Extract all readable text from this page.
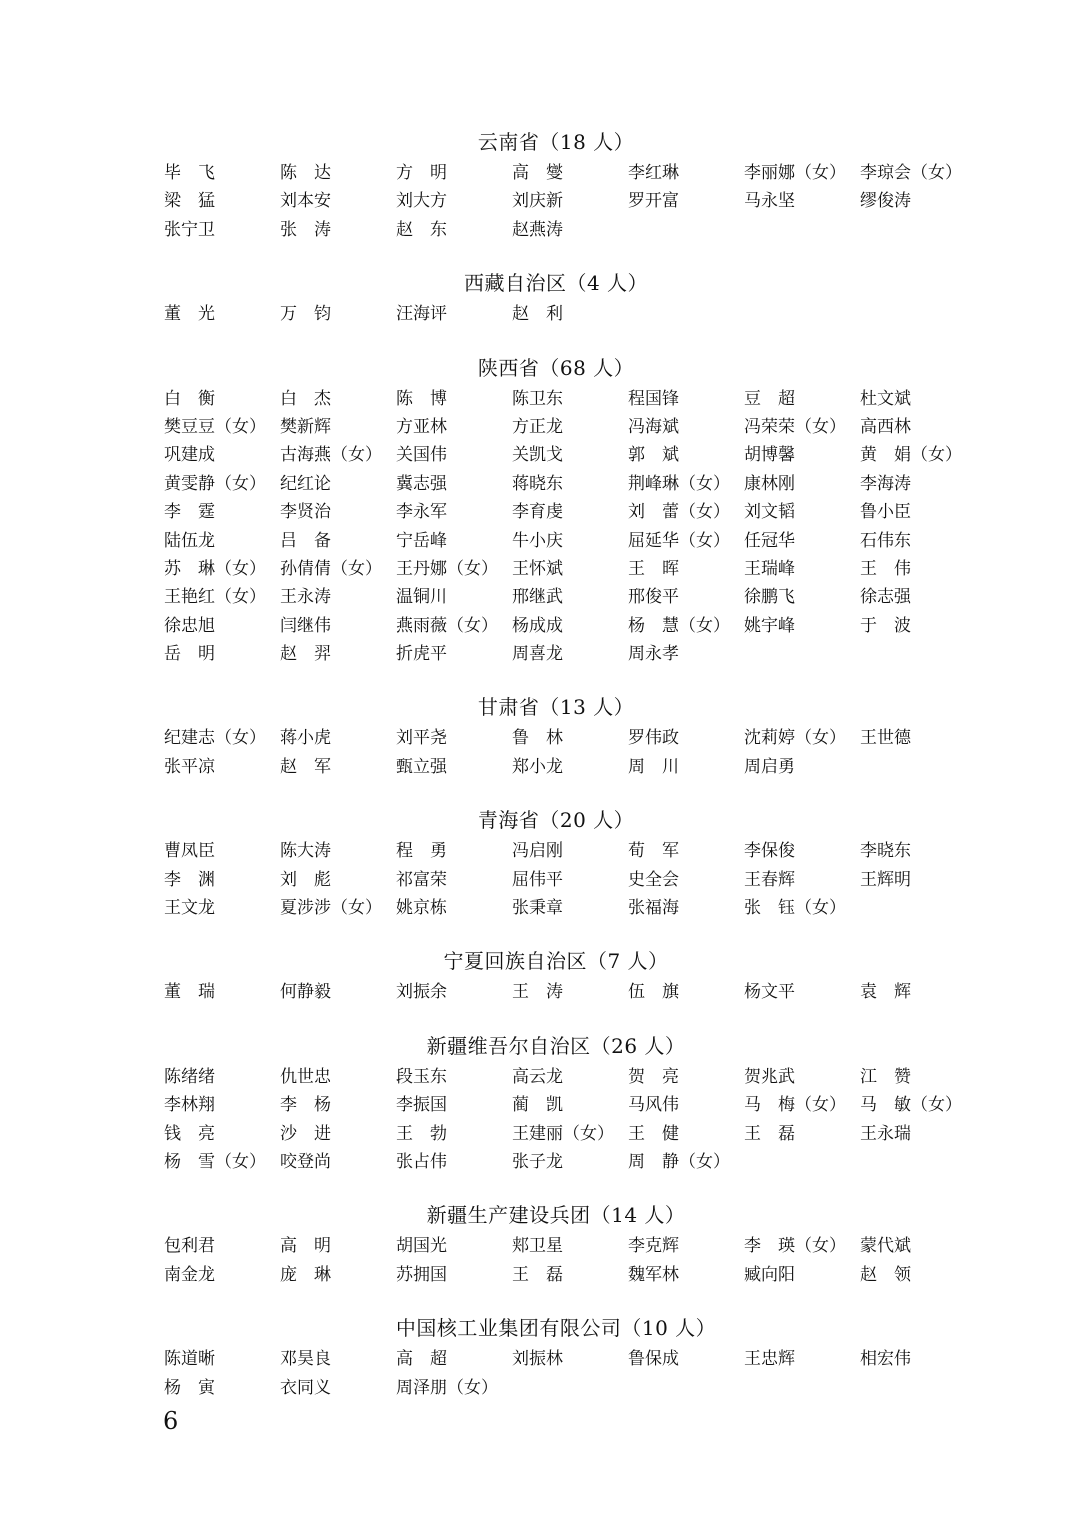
云南省（18 人）
毕　飞	陈　达	方　明	高　燮	李红琳	李丽娜（女） 李琼会（女）
梁　猛	刘本安	刘大方	刘庆新	罗开富	马永坚	缪俊涛
张宁卫	张　涛	赵　东	赵燕涛
西藏自治区（4 人）
董　光	万　钧	汪海评	赵　利
陕西省（68 人）
白　衡	白　杰	陈　博	陈卫东	程国锋	豆　超	杜文斌
樊豆豆（女） 樊新辉	方亚林	方正龙	冯海斌	冯荣荣（女） 高西林
巩建成	古海燕（女） 关国伟	关凯戈	郭　斌	胡博馨	黄　娟（女）
黄雯静（女） 纪红论	冀志强	蒋晓东	荆峰琳（女） 康林刚	李海涛
李　霆	李贤治	李永军	李育虔	刘　蕾（女） 刘文韬	鲁小臣
陆伍龙	吕　备	宁岳峰	牛小庆	屈延华（女） 任冠华	石伟东
苏　琳（女） 孙倩倩（女） 王丹娜（女） 王怀斌	王　晖	王瑞峰	王　伟
王艳红（女） 王永涛	温铜川	邢继武	邢俊平	徐鹏飞	徐志强
徐忠旭	闫继伟	燕雨薇（女） 杨成成	杨　慧（女） 姚宇峰	于　波
岳　明	赵　羿	折虎平	周喜龙	周永孝
甘肃省（13 人）
纪建志（女） 蒋小虎	刘平尧	鲁　林	罗伟政	沈莉婷（女） 王世德
张平凉	赵　军	甄立强	郑小龙	周　川	周启勇
青海省（20 人）
曹凤臣	陈大涛	程　勇	冯启刚	荀　军	李保俊	李晓东
李　渊	刘　彪	祁富荣	屈伟平	史全会	王春辉	王辉明
王文龙	夏涉涉（女） 姚京栋	张秉章	张福海	张　钰（女）
宁夏回族自治区（7 人）
董　瑞	何静毅	刘振余	王　涛	伍　旗	杨文平	袁　辉
新疆维吾尔自治区（26 人）
陈绪绪	仇世忠	段玉东	高云龙	贺　亮	贺兆武	江　赞
李林翔	李　杨	李振国	蔺　凯	马风伟	马　梅（女） 马　敏（女）
钱　亮	沙　进	王　勃	王建丽（女） 王　健	王　磊	王永瑞
杨　雪（女） 咬登尚	张占伟	张子龙	周　静（女）
新疆生产建设兵团（14 人）
包利君	高　明	胡国光	郏卫星	李克辉	李　瑛（女） 蒙代斌
南金龙	庞　琳	苏拥国	王　磊	魏军林	臧向阳	赵　领
中国核工业集团有限公司（10 人）
陈道晰	邓昊良	高　超	刘振林	鲁保成	王忠辉	相宏伟
杨　寅	衣同义	周泽朋（女）
6
